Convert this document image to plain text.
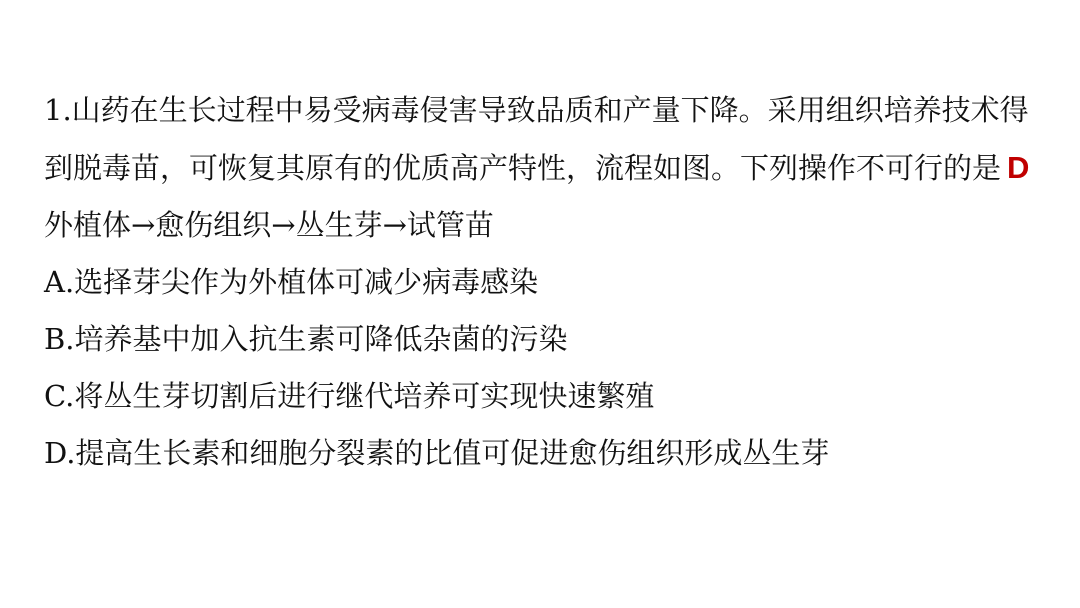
1.山药在生长过程中易受病毒侵害导致品质和产量下降。采用组织培养技术得到脱毒苗，可恢复其原有的优质高产特性，流程如图。下列操作不可行的是 D

外植体→愈伤组织→丛生芽→试管苗

A.选择芽尖作为外植体可减少病毒感染

B.培养基中加入抗生素可降低杂菌的污染

C.将丛生芽切割后进行继代培养可实现快速繁殖

D.提高生长素和细胞分裂素的比值可促进愈伤组织形成丛生芽
